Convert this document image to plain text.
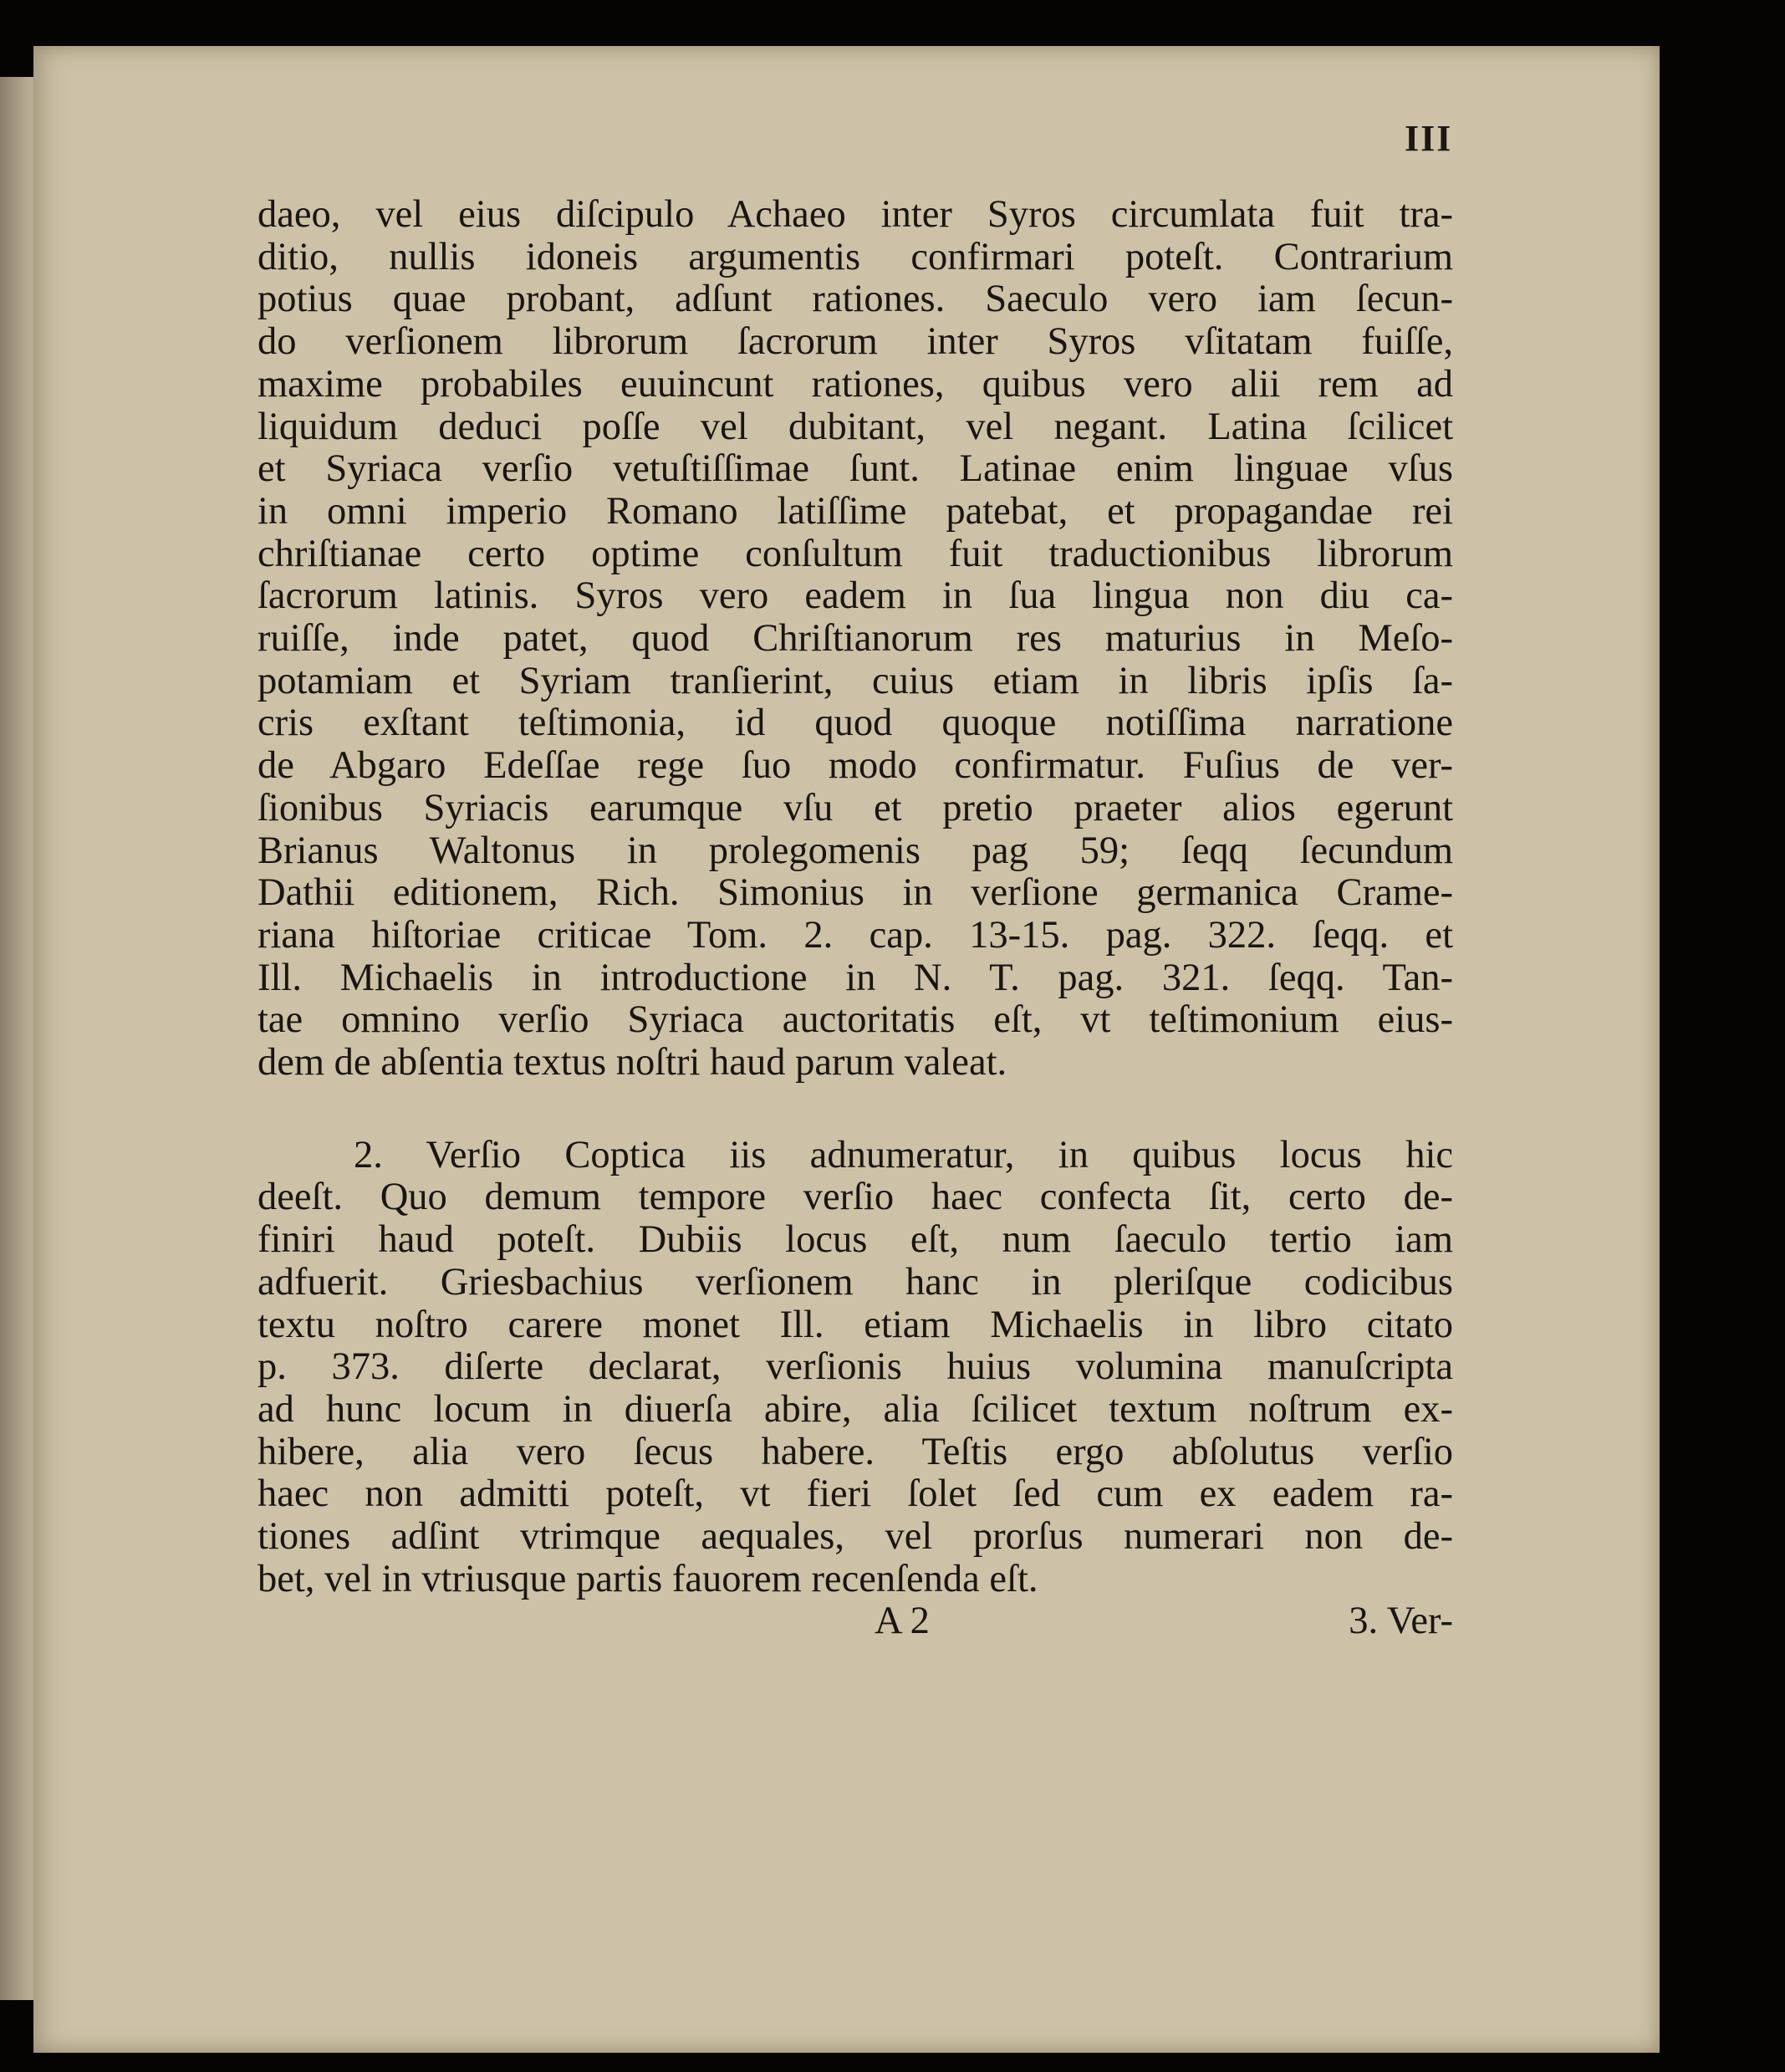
III

daeo, vel eius diſcipulo Achaeo inter Syros circumlata fuit tra-
ditio, nullis idoneis argumentis confirmari poteſt. Contrarium
potius quae probant, adſunt rationes. Saeculo vero iam ſecun-
do verſionem librorum ſacrorum inter Syros vſitatam fuiſſe,
maxime probabiles euuincunt rationes, quibus vero alii rem ad
liquidum deduci poſſe vel dubitant, vel negant. Latina ſcilicet
et Syriaca verſio vetuſtiſſimae ſunt. Latinae enim linguae vſus
in omni imperio Romano latiſſime patebat, et propagandae rei
chriſtianae certo optime conſultum fuit traductionibus librorum
ſacrorum latinis. Syros vero eadem in ſua lingua non diu ca-
ruiſſe, inde patet, quod Chriſtianorum res maturius in Meſo-
potamiam et Syriam tranſierint, cuius etiam in libris ipſis ſa-
cris exſtant teſtimonia, id quod quoque notiſſima narratione
de Abgaro Edeſſae rege ſuo modo confirmatur. Fuſius de ver-
ſionibus Syriacis earumque vſu et pretio praeter alios egerunt
Brianus Waltonus in prolegomenis pag 59; ſeqq ſecundum
Dathii editionem, Rich. Simonius in verſione germanica Crame-
riana hiſtoriae criticae Tom. 2. cap. 13-15. pag. 322. ſeqq. et
Ill. Michaelis in introductione in N. T. pag. 321. ſeqq. Tan-
tae omnino verſio Syriaca auctoritatis eſt, vt teſtimonium eius-
dem de abſentia textus noſtri haud parum valeat.

2. Verſio Coptica iis adnumeratur, in quibus locus hic
deeſt. Quo demum tempore verſio haec confecta ſit, certo de-
finiri haud poteſt. Dubiis locus eſt, num ſaeculo tertio iam
adfuerit. Griesbachius verſionem hanc in pleriſque codicibus
textu noſtro carere monet Ill. etiam Michaelis in libro citato
p. 373. diſerte declarat, verſionis huius volumina manuſcripta
ad hunc locum in diuerſa abire, alia ſcilicet textum noſtrum ex-
hibere, alia vero ſecus habere. Teſtis ergo abſolutus verſio
haec non admitti poteſt, vt fieri ſolet ſed cum ex eadem ra-
tiones adſint vtrimque aequales, vel prorſus numerari non de-
bet, vel in vtriusque partis fauorem recenſenda eſt.

A 2	3. Ver-
